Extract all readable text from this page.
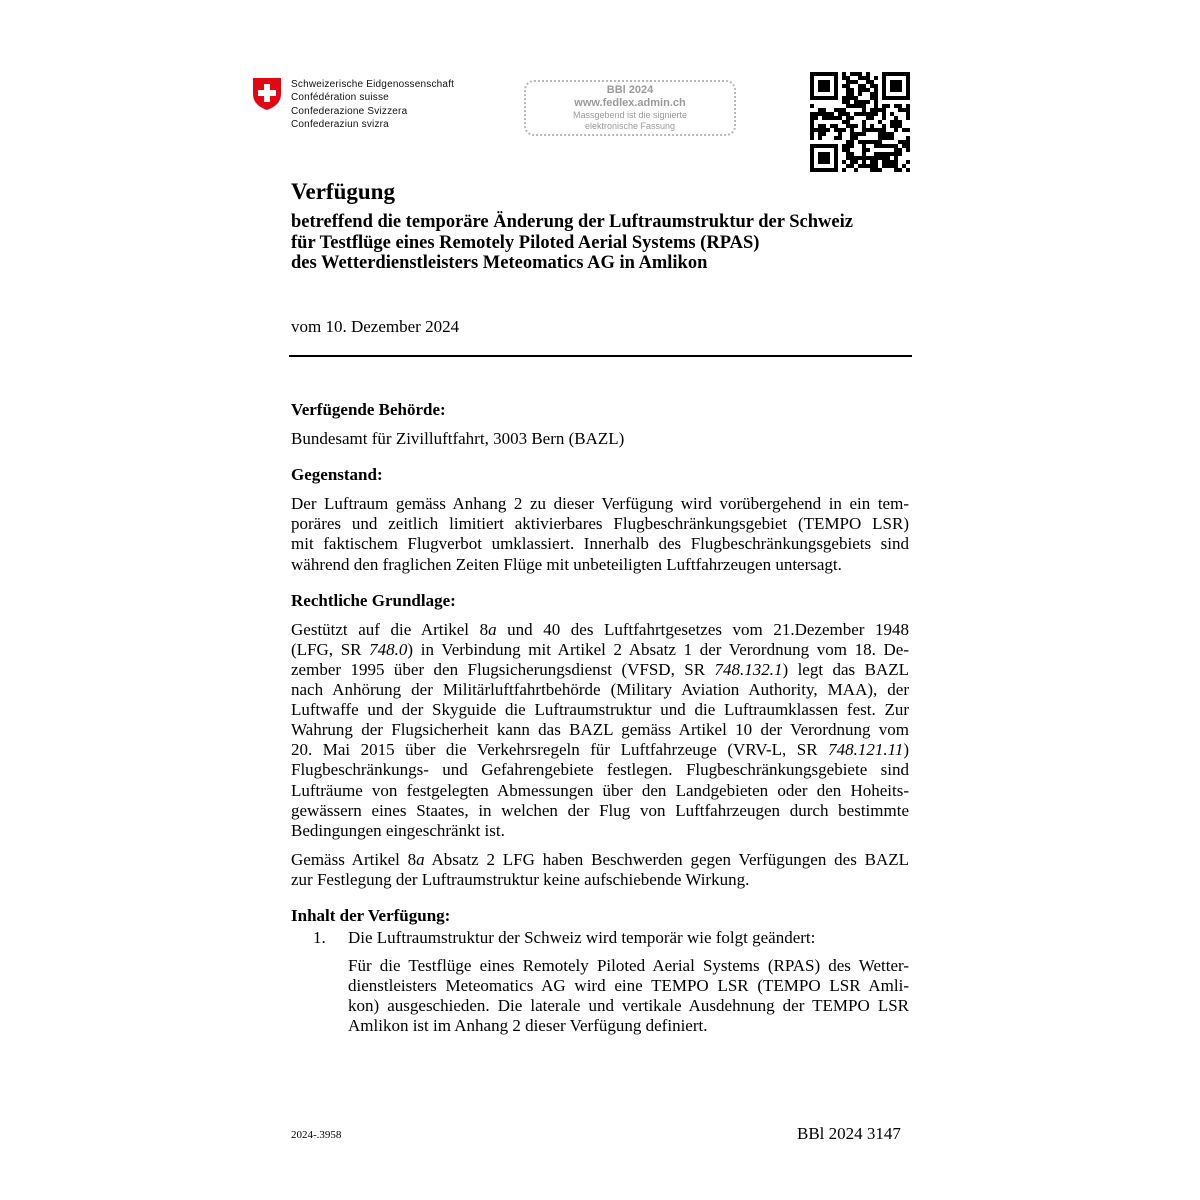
Schweizerische Eidgenossenschaft
Confédération suisse
Confederazione Svizzera
Confederaziun svizra
BBl 2024
www.fedlex.admin.ch
Massgebend ist die signierte
elektronische Fassung
Verfügung
betreffend die temporäre Änderung der Luftraumstruktur der Schweiz
für Testflüge eines Remotely Piloted Aerial Systems (RPAS)
des Wetterdienstleisters Meteomatics AG in Amlikon
vom 10. Dezember 2024
Verfügende Behörde:
Bundesamt für Zivilluftfahrt, 3003 Bern (BAZL)
Gegenstand:
Der Luftraum gemäss Anhang 2 zu dieser Verfügung wird vorübergehend in ein tem-
poräres und zeitlich limitiert aktivierbares Flugbeschränkungsgebiet (TEMPO LSR)
mit faktischem Flugverbot umklassiert. Innerhalb des Flugbeschränkungsgebiets sind
während den fraglichen Zeiten Flüge mit unbeteiligten Luftfahrzeugen untersagt.
Rechtliche Grundlage:
Gestützt auf die Artikel 8a und 40 des Luftfahrtgesetzes vom 21.Dezember 1948
(LFG, SR 748.0) in Verbindung mit Artikel 2 Absatz 1 der Verordnung vom 18. De-
zember 1995 über den Flugsicherungsdienst (VFSD, SR 748.132.1) legt das BAZL
nach Anhörung der Militärluftfahrtbehörde (Military Aviation Authority, MAA), der
Luftwaffe und der Skyguide die Luftraumstruktur und die Luftraumklassen fest. Zur
Wahrung der Flugsicherheit kann das BAZL gemäss Artikel 10 der Verordnung vom
20. Mai 2015 über die Verkehrsregeln für Luftfahrzeuge (VRV-L, SR 748.121.11)
Flugbeschränkungs- und Gefahrengebiete festlegen. Flugbeschränkungsgebiete sind
Lufträume von festgelegten Abmessungen über den Landgebieten oder den Hoheits-
gewässern eines Staates, in welchen der Flug von Luftfahrzeugen durch bestimmte
Bedingungen eingeschränkt ist.
Gemäss Artikel 8a Absatz 2 LFG haben Beschwerden gegen Verfügungen des BAZL
zur Festlegung der Luftraumstruktur keine aufschiebende Wirkung.
Inhalt der Verfügung:
1. Die Luftraumstruktur der Schweiz wird temporär wie folgt geändert:
Für die Testflüge eines Remotely Piloted Aerial Systems (RPAS) des Wetter-
dienstleisters Meteomatics AG wird eine TEMPO LSR (TEMPO LSR Amli-
kon) ausgeschieden. Die laterale und vertikale Ausdehnung der TEMPO LSR
Amlikon ist im Anhang 2 dieser Verfügung definiert.
2024-.3958	BBl 2024 3147
